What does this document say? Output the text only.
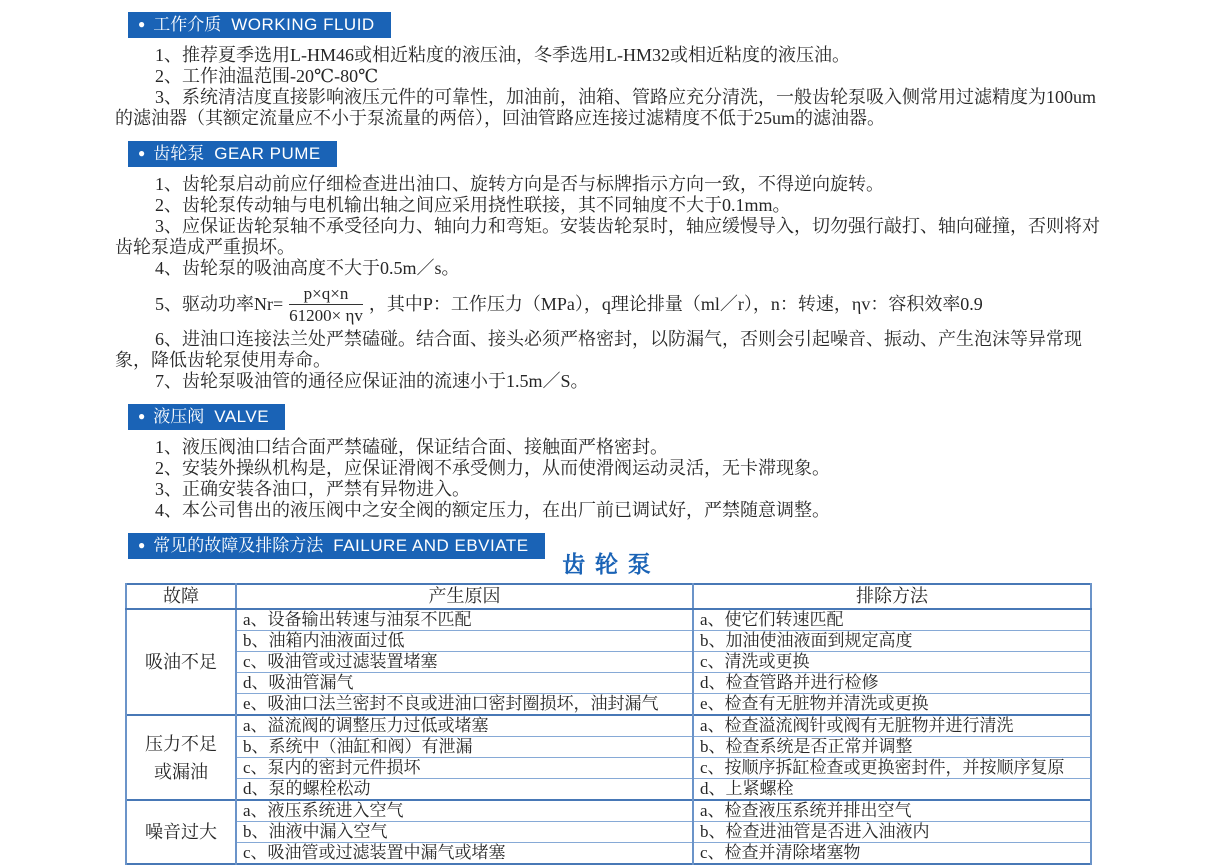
● 工作介质 WORKING FLUID

1、推荐夏季选用L-HM46或相近粘度的液压油，冬季选用L-HM32或相近粘度的液压油。

2、工作油温范围-20℃-80℃

3、系统清洁度直接影响液压元件的可靠性，加油前，油箱、管路应充分清洗，一般齿轮泵吸入侧常用过滤精度为100um的滤油器（其额定流量应不小于泵流量的两倍），回油管路应连接过滤精度不低于25um的滤油器。

● 齿轮泵 GEAR PUME

1、齿轮泵启动前应仔细检查进出油口、旋转方向是否与标牌指示方向一致，不得逆向旋转。

2、齿轮泵传动轴与电机输出轴之间应采用挠性联接，其不同轴度不大于0.1mm。

3、应保证齿轮泵轴不承受径向力、轴向力和弯矩。安装齿轮泵时，轴应缓慢导入，切勿强行敲打、轴向碰撞，否则将对齿轮泵造成严重损坏。

4、齿轮泵的吸油高度不大于0.5m／s。

5、驱动功率$Nr= \frac{p\times q\times n}{61200\times \eta v}$ ，其中P：工作压力（MPa），q理论排量（ml／r），n：转速，ηv：容积效率0.9

6、进油口连接法兰处严禁磕碰。结合面、接头必须严格密封，以防漏气，否则会引起噪音、振动、产生泡沫等异常现象，降低齿轮泵使用寿命。

7、齿轮泵吸油管的通径应保证油的流速小于1.5m／S。

● 液压阀 VALVE

1、液压阀油口结合面严禁磕碰，保证结合面、接触面严格密封。

2、安装外操纵机构是，应保证滑阀不承受侧力，从而使滑阀运动灵活，无卡滞现象。

3、正确安装各油口，严禁有异物进入。

4、本公司售出的液压阀中之安全阀的额定压力，在出厂前已调试好，严禁随意调整。

● 常见的故障及排除方法 FAILURE AND EBVIATE
齿 轮 泵
故障	产生原因	排除方法

吸油不足	a、设备输出转速与油泵不匹配	a、使它们转速匹配
	b、油箱内油液面过低	b、加油使油液面到规定高度
	c、吸油管或过滤装置堵塞	c、清洗或更换
	d、吸油管漏气	d、检查管路并进行检修
	e、吸油口法兰密封不良或进油口密封圈损坏，油封漏气	e、检查有无脏物并清洗或更换

压力不足
或漏油	a、溢流阀的调整压力过低或堵塞	a、检查溢流阀针或阀有无脏物并进行清洗
	b、系统中（油缸和阀）有泄漏	b、检查系统是否正常并调整
	c、泵内的密封元件损坏	c、按顺序拆缸检查或更换密封件，并按顺序复原
	d、泵的螺栓松动	d、上紧螺栓

噪音过大	a、液压系统进入空气	a、检查液压系统并排出空气
	b、油液中漏入空气	b、检查进油管是否进入油液内
	c、吸油管或过滤装置中漏气或堵塞	c、检查并清除堵塞物
